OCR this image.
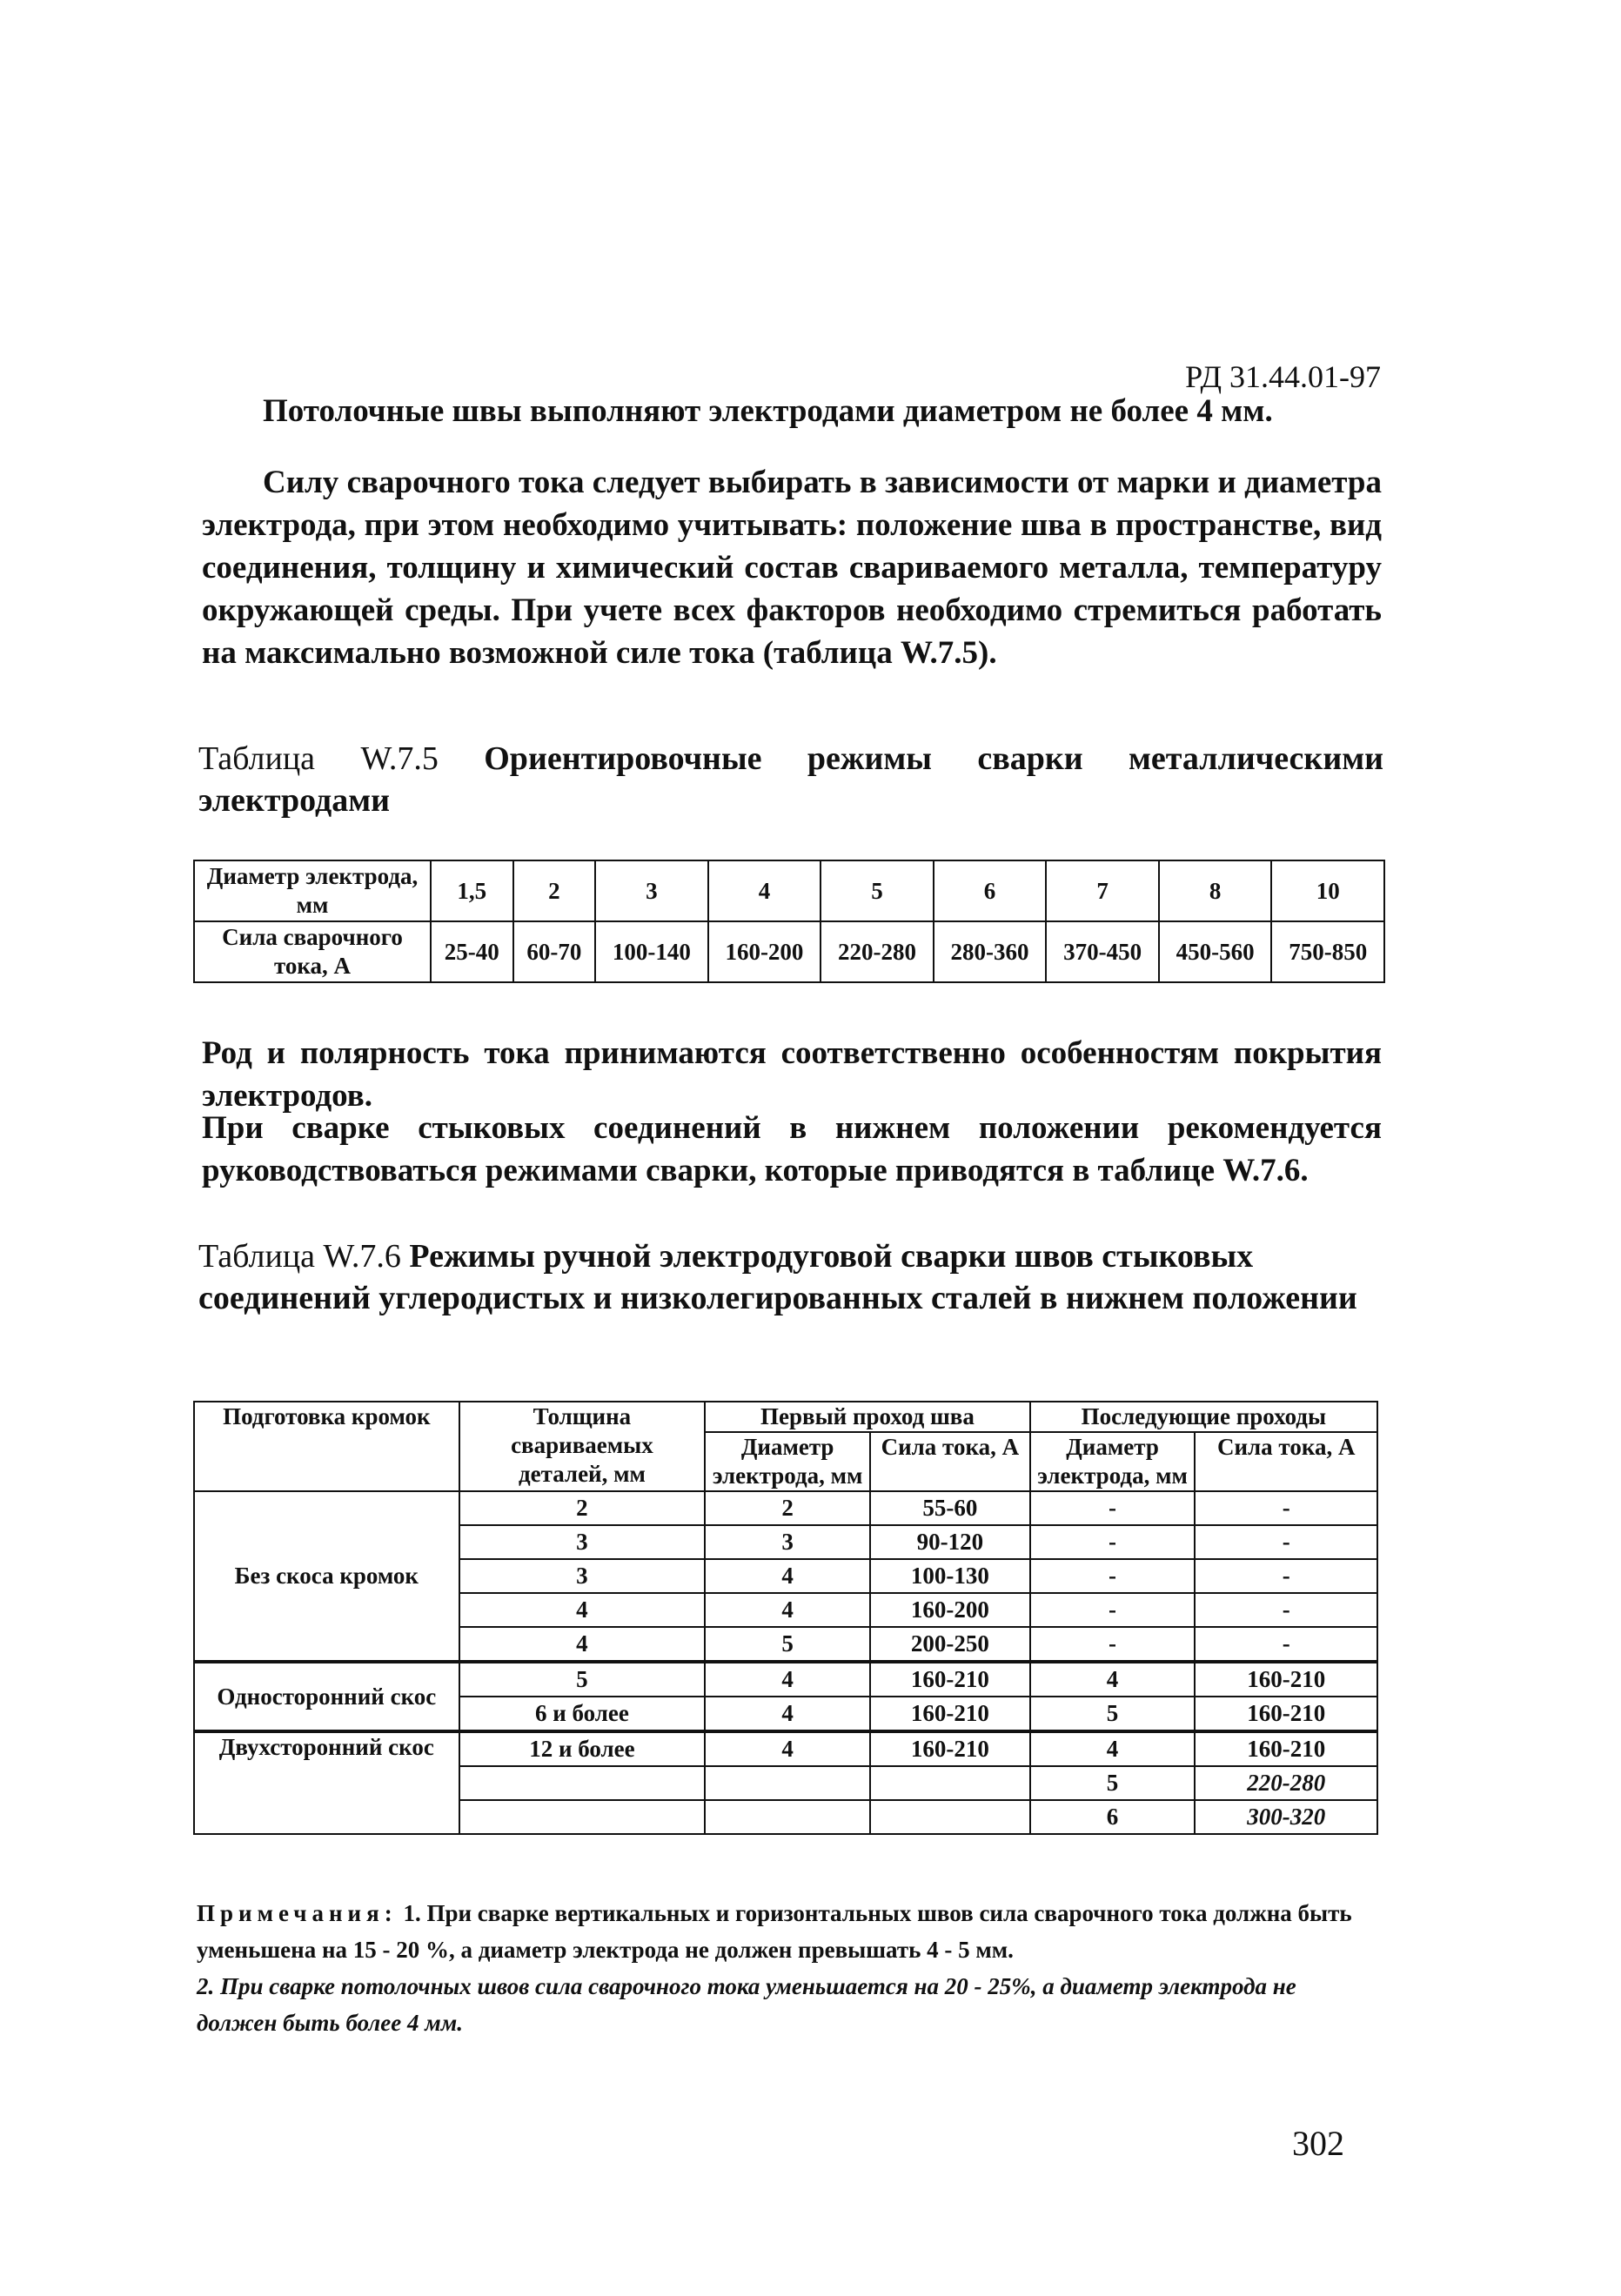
РД 31.44.01-97

Потолочные швы выполняют электродами диаметром не более 4 мм.

Силу сварочного тока следует выбирать в зависимости от марки и диаметра электрода, при этом необходимо учитывать: положение шва в пространстве, вид соединения, толщину и химический состав свариваемого металла, температуру окружающей среды. При учете всех факторов необходимо стремиться работать на максимально возможной силе тока (таблица W.7.5).

Таблица W.7.5 Ориентировочные режимы сварки металлическими электродами
Диаметр электрода, мм	1,5	2	3	4	5	6	7	8	10
Сила сварочного тока, А	25-40	60-70	100-140	160-200	220-280	280-360	370-450	450-560	750-850

Род и полярность тока принимаются соответственно особенностям покрытия электродов.

При сварке стыковых соединений в нижнем положении рекомендуется руководствоваться режимами сварки, которые приводятся в таблице W.7.6.

Таблица W.7.6 Режимы ручной электродуговой сварки швов стыковых соединений углеродистых и низколегированных сталей в нижнем положении
Подготовка кромок	Толщина свариваемых деталей, мм	Первый проход шва		Последующие проходы	
		Диаметр электрода, мм	Сила тока, А	Диаметр электрода, мм	Сила тока, А
Без скоса кромок	2	2	55-60	-	-
	3	3	90-120	-	-
	3	4	100-130	-	-
	4	4	160-200	-	-
	4	5	200-250	-	-
Односторонний скос	5	4	160-210	4	160-210
	6 и более	4	160-210	5	160-210
Двухсторонний скос	12 и более	4	160-210	4	160-210
				5	220-280
				6	300-320
Примечания: 1. При сварке вертикальных и горизонтальных швов сила сварочного тока должна быть уменьшена на 15 - 20 %, а диаметр электрода не должен превышать 4 - 5 мм.
2. При сварке потолочных швов сила сварочного тока уменьшается на 20 - 25%, а диаметр электрода не должен быть более 4 мм.
302
